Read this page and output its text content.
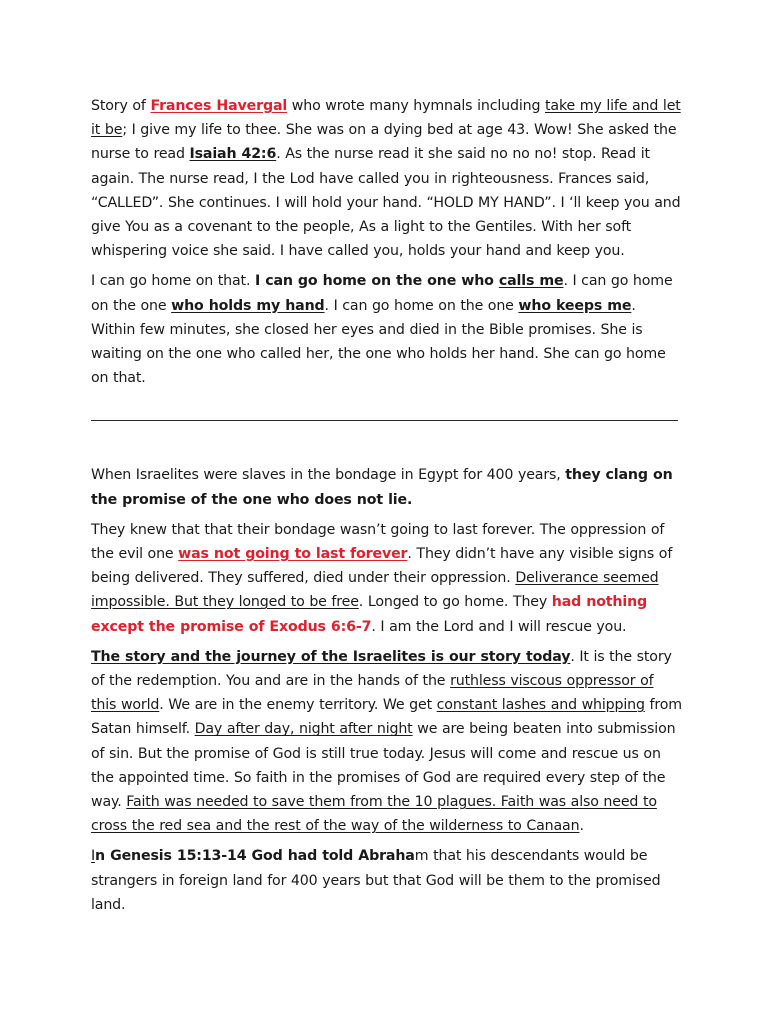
Story of Frances Havergal who wrote many hymnals including take my life and let it be; I give my life to thee. She was on a dying bed at age 43. Wow! She asked the nurse to read Isaiah 42:6. As the nurse read it she said no no no! stop. Read it again. The nurse read, I the Lod have called you in righteousness. Frances said, “CALLED”. She continues. I will hold your hand. “HOLD MY HAND”. I ‘ll keep you and give You as a covenant to the people, As a light to the Gentiles. With her soft whispering voice she said. I have called you, holds your hand and keep you.

I can go home on that. I can go home on the one who calls me. I can go home on the one who holds my hand. I can go home on the one who keeps me. Within few minutes, she closed her eyes and died in the Bible promises. She is waiting on the one who called her, the one who holds her hand. She can go home on that.

When Israelites were slaves in the bondage in Egypt for 400 years, they clang on the promise of the one who does not lie.

They knew that that their bondage wasn’t going to last forever. The oppression of the evil one was not going to last forever. They didn’t have any visible signs of being delivered. They suffered, died under their oppression. Deliverance seemed impossible. But they longed to be free. Longed to go home. They had nothing except the promise of Exodus 6:6-7. I am the Lord and I will rescue you.

The story and the journey of the Israelites is our story today. It is the story of the redemption. You and are in the hands of the ruthless viscous oppressor of this world. We are in the enemy territory. We get constant lashes and whipping from Satan himself. Day after day, night after night we are being beaten into submission of sin. But the promise of God is still true today. Jesus will come and rescue us on the appointed time. So faith in the promises of God are required every step of the way. Faith was needed to save them from the 10 plagues. Faith was also need to cross the red sea and the rest of the way of the wilderness to Canaan.

In Genesis 15:13-14 God had told Abraham that his descendants would be strangers in foreign land for 400 years but that God will be them to the promised land.
